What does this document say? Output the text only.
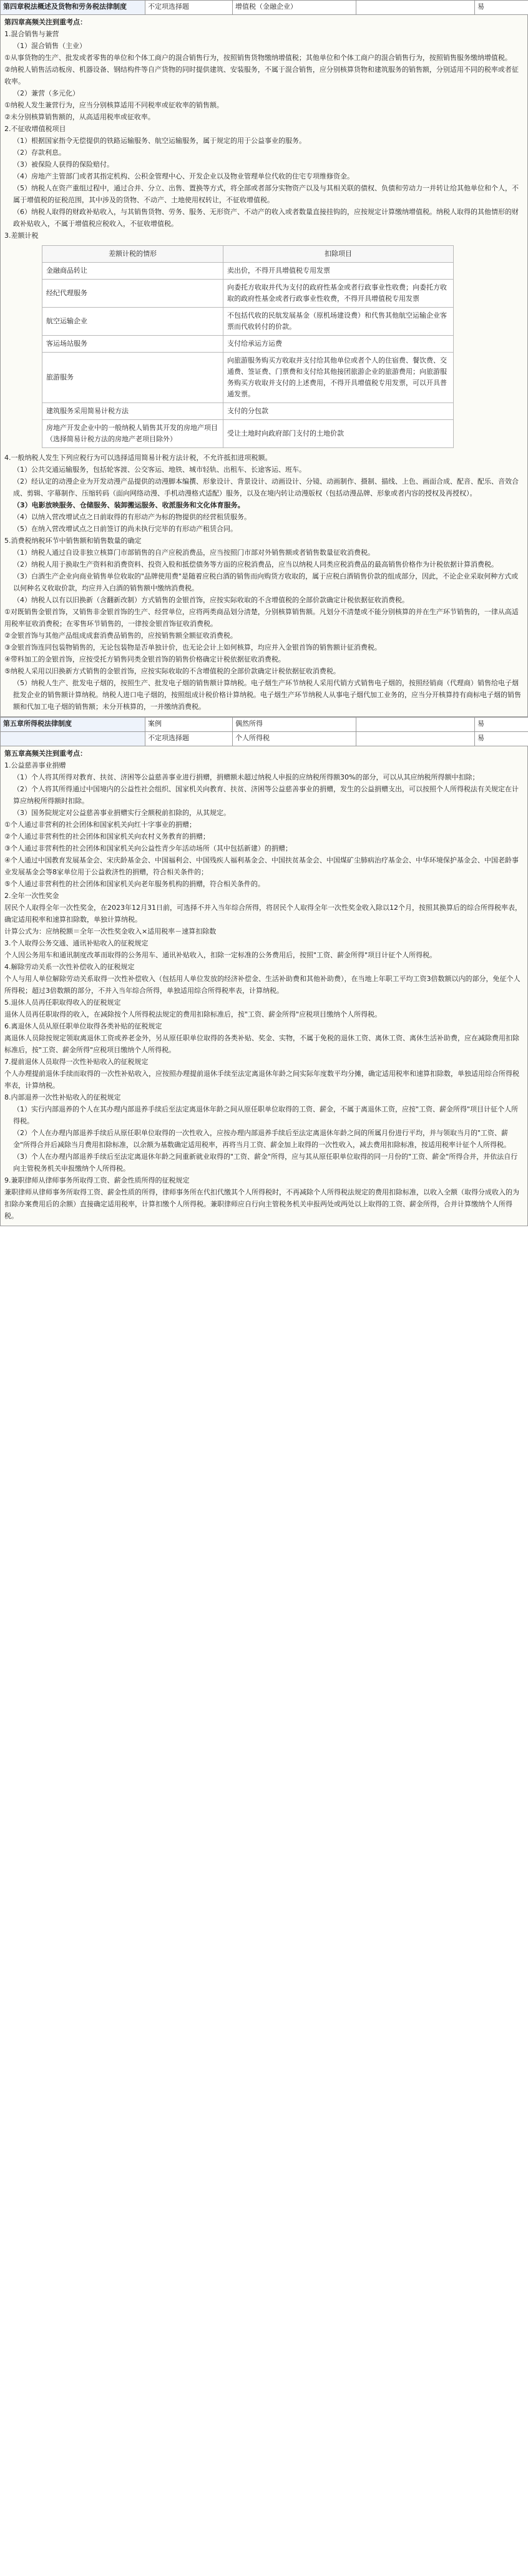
第四章税法概述及货物和劳务税法律制度	不定项选择题	增值税（金融企业）		易

第四章高频关注到重考点：

1.混合销售与兼营

（1）混合销售（主业）

①从事货物的生产、批发或者零售的单位和个体工商户的混合销售行为，按照销售货物缴纳增值税；其他单位和个体工商户的混合销售行为，按照销售服务缴纳增值税。

②纳税人销售活动板房、机器设备、钢结构件等自产货物的同时提供建筑、安装服务，不属于混合销售，应分别核算货物和建筑服务的销售额，分别适用不同的税率或者征收率。

（2）兼营（多元化）

①纳税人发生兼营行为，应当分别核算适用不同税率或征收率的销售额。

②未分别核算销售额的，从高适用税率或征收率。

2.不征收增值税项目

（1）根据国家指令无偿提供的铁路运输服务、航空运输服务，属于规定的用于公益事业的服务。

（2）存款利息。

（3）被保险人获得的保险赔付。

（4）房地产主管部门或者其指定机构、公积金管理中心、开发企业以及物业管理单位代收的住宅专项维修资金。

（5）纳税人在资产重组过程中，通过合并、分立、出售、置换等方式，将全部或者部分实物资产以及与其相关联的债权、负债和劳动力一并转让给其他单位和个人，不属于增值税的征税范围，其中涉及的货物、不动产、土地使用权转让，不征收增值税。

（6）纳税人取得的财政补贴收入，与其销售货物、劳务、服务、无形资产、不动产的收入或者数量直接挂钩的，应按规定计算缴纳增值税。纳税人取得的其他情形的财政补贴收入，不属于增值税应税收入，不征收增值税。

3.差额计税

差额计税的情形	扣除项目
金融商品转让	卖出价，不得开具增值税专用发票
经纪代理服务	向委托方收取并代为支付的政府性基金或者行政事业性收费；向委托方收取的政府性基金或者行政事业性收费，不得开具增值税专用发票
航空运输企业	不包括代收的民航发展基金（原机场建设费）和代售其他航空运输企业客票而代收转付的价款。
客运场站服务	支付给承运方运费
旅游服务	向旅游服务购买方收取并支付给其他单位或者个人的住宿费、餐饮费、交通费、签证费、门票费和支付给其他接团旅游企业的旅游费用；向旅游服务购买方收取并支付的上述费用，不得开具增值税专用发票，可以开具普通发票。
建筑服务采用简易计税方法	支付的分包款
房地产开发企业中的一般纳税人销售其开发的房地产项目（选择简易计税方法的房地产老项目除外）	受让土地时向政府部门支付的土地价款

4.一般纳税人发生下列应税行为可以选择适用简易计税方法计税，不允许抵扣进项税额。

（1）公共交通运输服务，包括轮客渡、公交客运、地铁、城市轻轨、出租车、长途客运、班车。

（2）经认定的动漫企业为开发动漫产品提供的动漫脚本编撰、形象设计、背景设计、动画设计、分镜、动画制作、摄制、描线、上色、画面合成、配音、配乐、音效合成、剪辑、字幕制作、压缩转码（面向网络动漫、手机动漫格式适配）服务，以及在境内转让动漫版权（包括动漫品牌、形象或者内容的授权及再授权）。

（3）电影放映服务、仓储服务、装卸搬运服务、收派服务和文化体育服务。

（4）以纳入营改增试点之日前取得的有形动产为标的物提供的经营租赁服务。

（5）在纳入营改增试点之日前签订的尚未执行完毕的有形动产租赁合同。

5.消费税纳税环节中销售额和销售数量的确定

（1）纳税人通过自设非独立核算门市部销售的自产应税消费品，应当按照门市部对外销售额或者销售数量征收消费税。

（2）纳税人用于换取生产资料和消费资料、投资入股和抵偿债务等方面的应税消费品，应当以纳税人同类应税消费品的最高销售价格作为计税依据计算消费税。

（3）白酒生产企业向商业销售单位收取的"品牌使用费"是随着应税白酒的销售而向购货方收取的，属于应税白酒销售价款的组成部分，因此，不论企业采取何种方式或以何种名义收取价款，均应并入白酒的销售额中缴纳消费税。

（4）纳税人以有以旧换新（含翻新改制）方式销售的金银首饰，应按实际收取的不含增值税的全部价款确定计税依据征收消费税。

①对既销售金银首饰，又销售非金银首饰的生产、经营单位，应将两类商品划分清楚，分别核算销售额。凡划分不清楚或不能分别核算的并在生产环节销售的，一律从高适用税率征收消费税；在零售环节销售的，一律按金银首饰征收消费税。

②金银首饰与其他产品组成成套消费品销售的，应按销售额全额征收消费税。

③金银首饰连同包装物销售的，无论包装物是否单独计价，也无论会计上如何核算，均应并入金银首饰的销售额计征消费税。

④带料加工的金银首饰，应按受托方销售同类金银首饰的销售价格确定计税依据征收消费税。

⑤纳税人采用以旧换新方式销售的金银首饰，应按实际收取的不含增值税的全部价款确定计税依据征收消费税。

（5）纳税人生产、批发电子烟的，按照生产、批发电子烟的销售额计算纳税。电子烟生产环节纳税人采用代销方式销售电子烟的，按照经销商（代理商）销售给电子烟批发企业的销售额计算纳税。纳税人进口电子烟的，按照组成计税价格计算纳税。电子烟生产环节纳税人从事电子烟代加工业务的，应当分开核算持有商标电子烟的销售额和代加工电子烟的销售额；未分开核算的，一并缴纳消费税。

第五章所得税法律制度	案例	偶然所得		易
	不定项选择题	个人所得税		易

第五章高频关注到重考点：

1.公益慈善事业捐赠

（1）个人将其所得对教育、扶贫、济困等公益慈善事业进行捐赠，捐赠额未超过纳税人申报的应纳税所得额30%的部分，可以从其应纳税所得额中扣除；

（2）个人将其所得通过中国境内的公益性社会组织、国家机关向教育、扶贫、济困等公益慈善事业的捐赠，发生的公益捐赠支出，可以按照个人所得税法有关规定在计算应纳税所得额时扣除。

（3）国务院规定对公益慈善事业捐赠实行全额税前扣除的，从其规定。

①个人通过非营利的社会团体和国家机关向红十字事业的捐赠；

②个人通过非营利性的社会团体和国家机关向农村义务教育的捐赠；

③个人通过非营利性的社会团体和国家机关向公益性青少年活动场所（其中包括新建）的捐赠；

④个人通过中国教育发展基金会、宋庆龄基金会、中国福利会、中国残疾人福利基金会、中国扶贫基金会、中国煤矿尘肺病治疗基金会、中华环境保护基金会、中国老龄事业发展基金会等8家单位用于公益救济性的捐赠，符合相关条件的；

⑤个人通过非营利性的社会团体和国家机关向老年服务机构的捐赠，符合相关条件的。

2.全年一次性奖金

居民个人取得全年一次性奖金，在2023年12月31日前，可选择不并入当年综合所得，将居民个人取得全年一次性奖金收入除以12个月，按照其换算后的综合所得税率表，确定适用税率和速算扣除数，单独计算纳税。

计算公式为：应纳税额＝全年一次性奖金收入×适用税率－速算扣除数

3.个人取得公务交通、通讯补贴收入的征税规定

个人因公务用车和通讯制度改革而取得的公务用车、通讯补贴收入，扣除一定标准的公务费用后，按照"工资、薪金所得"项目计征个人所得税。

4.解除劳动关系一次性补偿收入的征税规定

个人与用人单位解除劳动关系取得一次性补偿收入（包括用人单位发放的经济补偿金、生活补助费和其他补助费），在当地上年职工平均工资3倍数额以内的部分，免征个人所得税；超过3倍数额的部分，不并入当年综合所得，单独适用综合所得税率表，计算纳税。

5.退休人员再任职取得收入的征税规定

退休人员再任职取得的收入，在减除按个人所得税法规定的费用扣除标准后，按"工资、薪金所得"应税项目缴纳个人所得税。

6.离退休人员从原任职单位取得各类补贴的征税规定

离退休人员除按规定领取离退休工资或养老金外，另从原任职单位取得的各类补贴、奖金、实物，不属于免税的退休工资、离休工资、离休生活补助费，应在减除费用扣除标准后，按"工资、薪金所得"应税项目缴纳个人所得税。

7.提前退休人员取得一次性补贴收入的征税规定

个人办理提前退休手续而取得的一次性补贴收入，应按照办理提前退休手续至法定离退休年龄之间实际年度数平均分摊，确定适用税率和速算扣除数，单独适用综合所得税率表，计算纳税。

8.内部退养一次性补贴收入的征税规定

（1）实行内部退养的个人在其办理内部退养手续后至法定离退休年龄之间从原任职单位取得的工资、薪金，不属于离退休工资，应按"工资、薪金所得"项目计征个人所得税。

（2）个人在办理内部退养手续后从原任职单位取得的一次性收入，应按办理内部退养手续后至法定离退休年龄之间的所属月份进行平均，并与领取当月的"工资、薪金"所得合并后减除当月费用扣除标准，以余额为基数确定适用税率，再将当月工资、薪金加上取得的一次性收入，减去费用扣除标准，按适用税率计征个人所得税。

（3）个人在办理内部退养手续后至法定离退休年龄之间重新就业取得的"工资、薪金"所得，应与其从原任职单位取得的同一月份的"工资、薪金"所得合并，并依法自行向主管税务机关申报缴纳个人所得税。

9.兼职律师从律师事务所取得工资、薪金性质所得的征税规定

兼职律师从律师事务所取得工资、薪金性质的所得，律师事务所在代扣代缴其个人所得税时，不再减除个人所得税法规定的费用扣除标准，以收入全额（取得分成收入的为扣除办案费用后的余额）直接确定适用税率，计算扣缴个人所得税。兼职律师应自行向主管税务机关申报两处或两处以上取得的工资、薪金所得，合并计算缴纳个人所得税。
